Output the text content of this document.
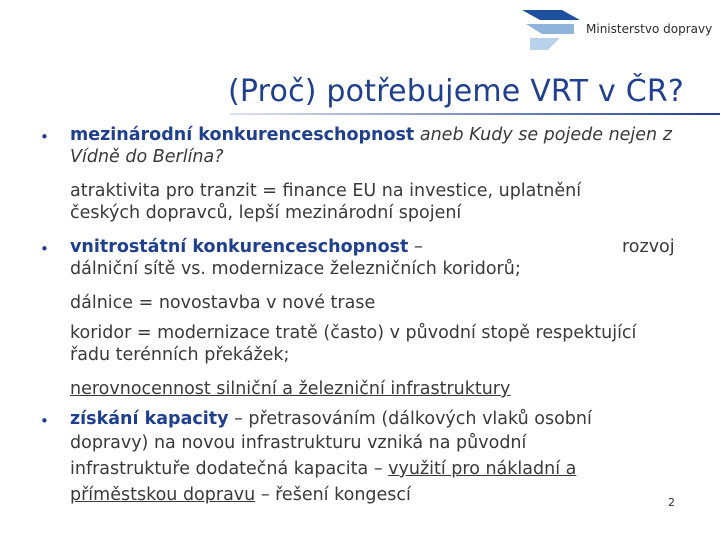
Ministerstvo dopravy
(Proč) potřebujeme VRT v ČR?
• mezinárodní konkurenceschopnost aneb Kudy se pojede nejen z
Vídně do Berlína?
atraktivita pro tranzit = finance EU na investice, uplatnění
českých dopravců, lepší mezinárodní spojení
• vnitrostátní konkurenceschopnost –	rozvoj
dálniční sítě vs. modernizace železničních koridorů;
dálnice = novostavba v nové trase
koridor = modernizace tratě (často) v původní stopě respektující
řadu terénních překážek;
nerovnocennost silniční a železniční infrastruktury
• získání kapacity – přetrasováním (dálkových vlaků osobní
dopravy) na novou infrastrukturu vzniká na původní
infrastruktuře dodatečná kapacita – využití pro nákladní a
příměstskou dopravu – řešení kongescí	2
